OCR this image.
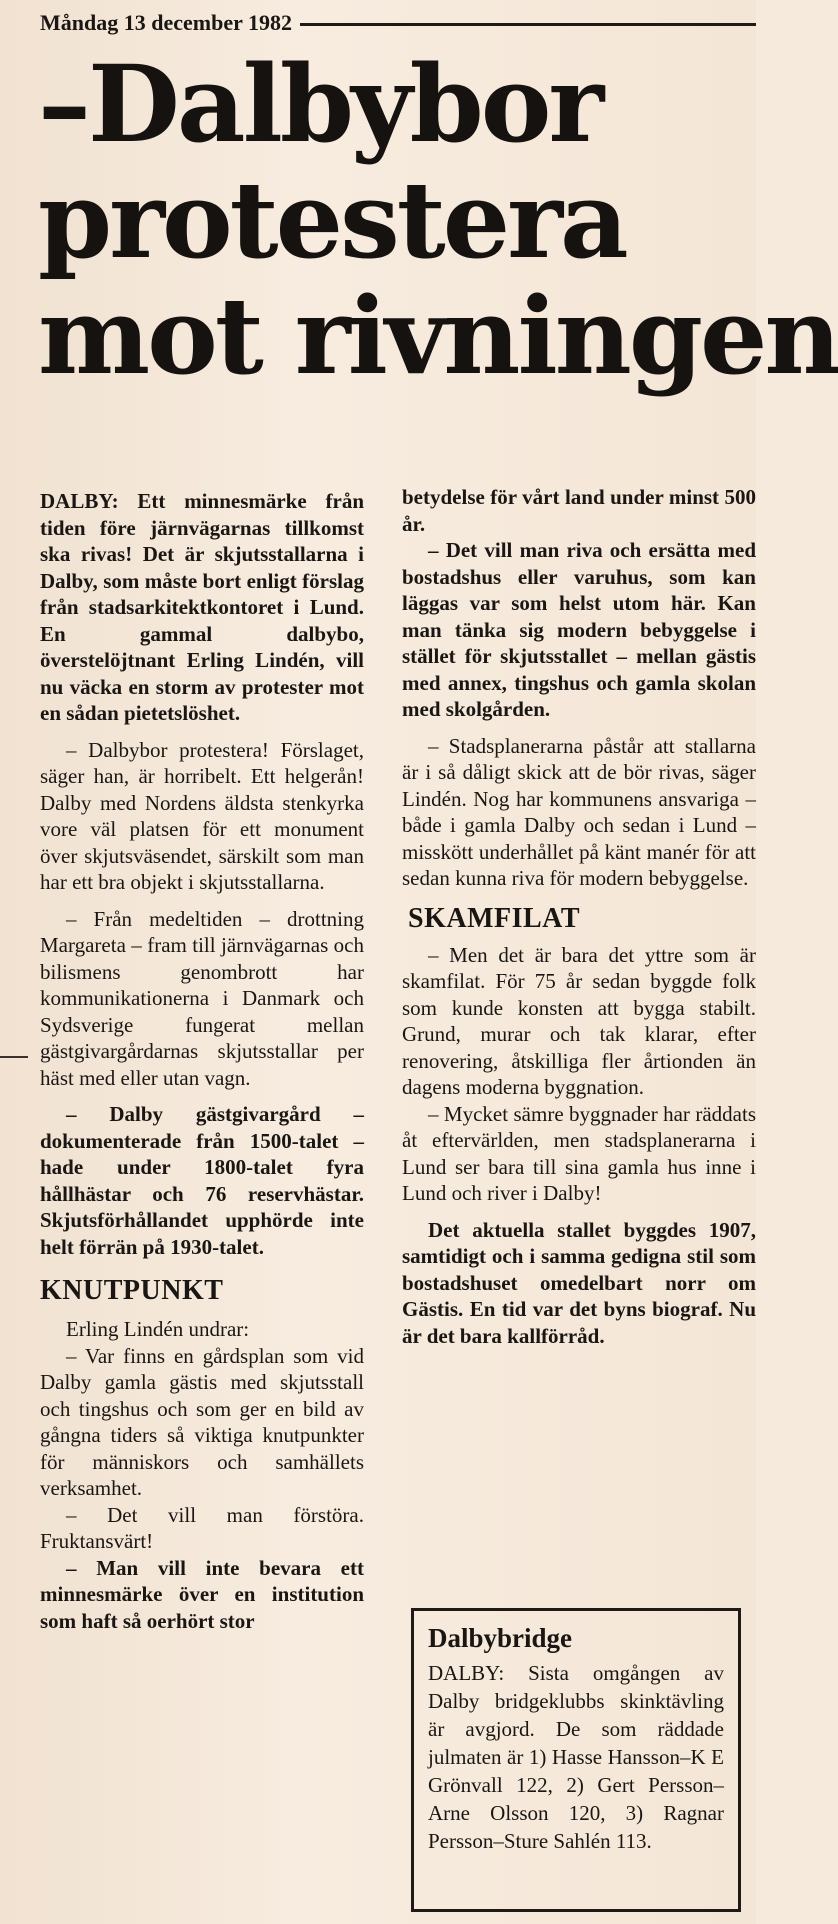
Måndag 13 december 1982
–Dalbybor
protestera
mot rivningen

DALBY: Ett minnesmärke från tiden före järnvägarnas tillkomst ska rivas! Det är skjutsstallarna i Dalby, som måste bort enligt förslag från stadsarkitektkontoret i Lund. En gammal dalbybo, överstelöjtnant Erling Lindén, vill nu väcka en storm av protester mot en sådan pietetslöshet.

– Dalbybor protestera! Förslaget, säger han, är horribelt. Ett helgerån! Dalby med Nordens äldsta stenkyrka vore väl platsen för ett monument över skjutsväsendet, särskilt som man har ett bra objekt i skjutsstallarna.

– Från medeltiden – drottning Margareta – fram till järnvägarnas och bilismens genombrott har kommunikationerna i Danmark och Sydsverige fungerat mellan gästgivargårdarnas skjutsstallar per häst med eller utan vagn.

– Dalby gästgivargård – dokumenterade från 1500-talet – hade under 1800-talet fyra hållhästar och 76 reservhästar. Skjutsförhållandet upphörde inte helt förrän på 1930-talet.

KNUTPUNKT

Erling Lindén undrar:

– Var finns en gårdsplan som vid Dalby gamla gästis med skjutsstall och tingshus och som ger en bild av gångna tiders så viktiga knutpunkter för människors och samhällets verksamhet.

– Det vill man förstöra. Fruktansvärt!

– Man vill inte bevara ett minnesmärke över en institution som haft så oerhört stor

betydelse för vårt land under minst 500 år.

– Det vill man riva och ersätta med bostadshus eller varuhus, som kan läggas var som helst utom här. Kan man tänka sig modern bebyggelse i stället för skjutsstallet – mellan gästis med annex, tingshus och gamla skolan med skolgården.

– Stadsplanerarna påstår att stallarna är i så dåligt skick att de bör rivas, säger Lindén. Nog har kommunens ansvariga – både i gamla Dalby och sedan i Lund – misskött underhållet på känt manér för att sedan kunna riva för modern bebyggelse.

SKAMFILAT

– Men det är bara det yttre som är skamfilat. För 75 år sedan byggde folk som kunde konsten att bygga stabilt. Grund, murar och tak klarar, efter renovering, åtskilliga fler årtionden än dagens moderna byggnation.

– Mycket sämre byggnader har räddats åt eftervärlden, men stadsplanerarna i Lund ser bara till sina gamla hus inne i Lund och river i Dalby!

Det aktuella stallet byggdes 1907, samtidigt och i samma gedigna stil som bostadshuset omedelbart norr om Gästis. En tid var det byns biograf. Nu är det bara kallförråd.

Dalbybridge
DALBY: Sista omgången av Dalby bridgeklubbs skinktävling är avgjord. De som räddade julmaten är 1) Hasse Hansson–K E Grönvall 122, 2) Gert Persson–Arne Olsson 120, 3) Ragnar Persson–Sture Sahlén 113.
